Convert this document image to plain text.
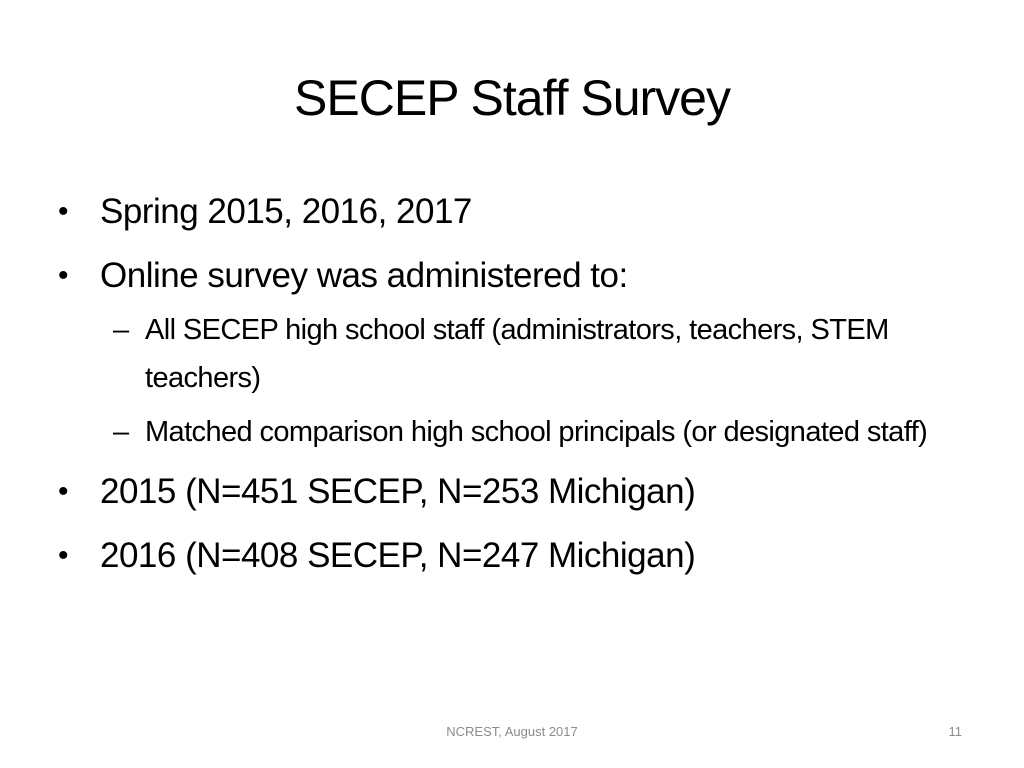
SECEP Staff Survey
• Spring 2015, 2016, 2017
• Online survey was administered to:
– All SECEP high school staff (administrators, teachers, STEM teachers)
– Matched comparison high school principals (or designated staff)
• 2015 (N=451 SECEP, N=253 Michigan)
• 2016 (N=408 SECEP, N=247 Michigan)
NCREST, August 2017	11
